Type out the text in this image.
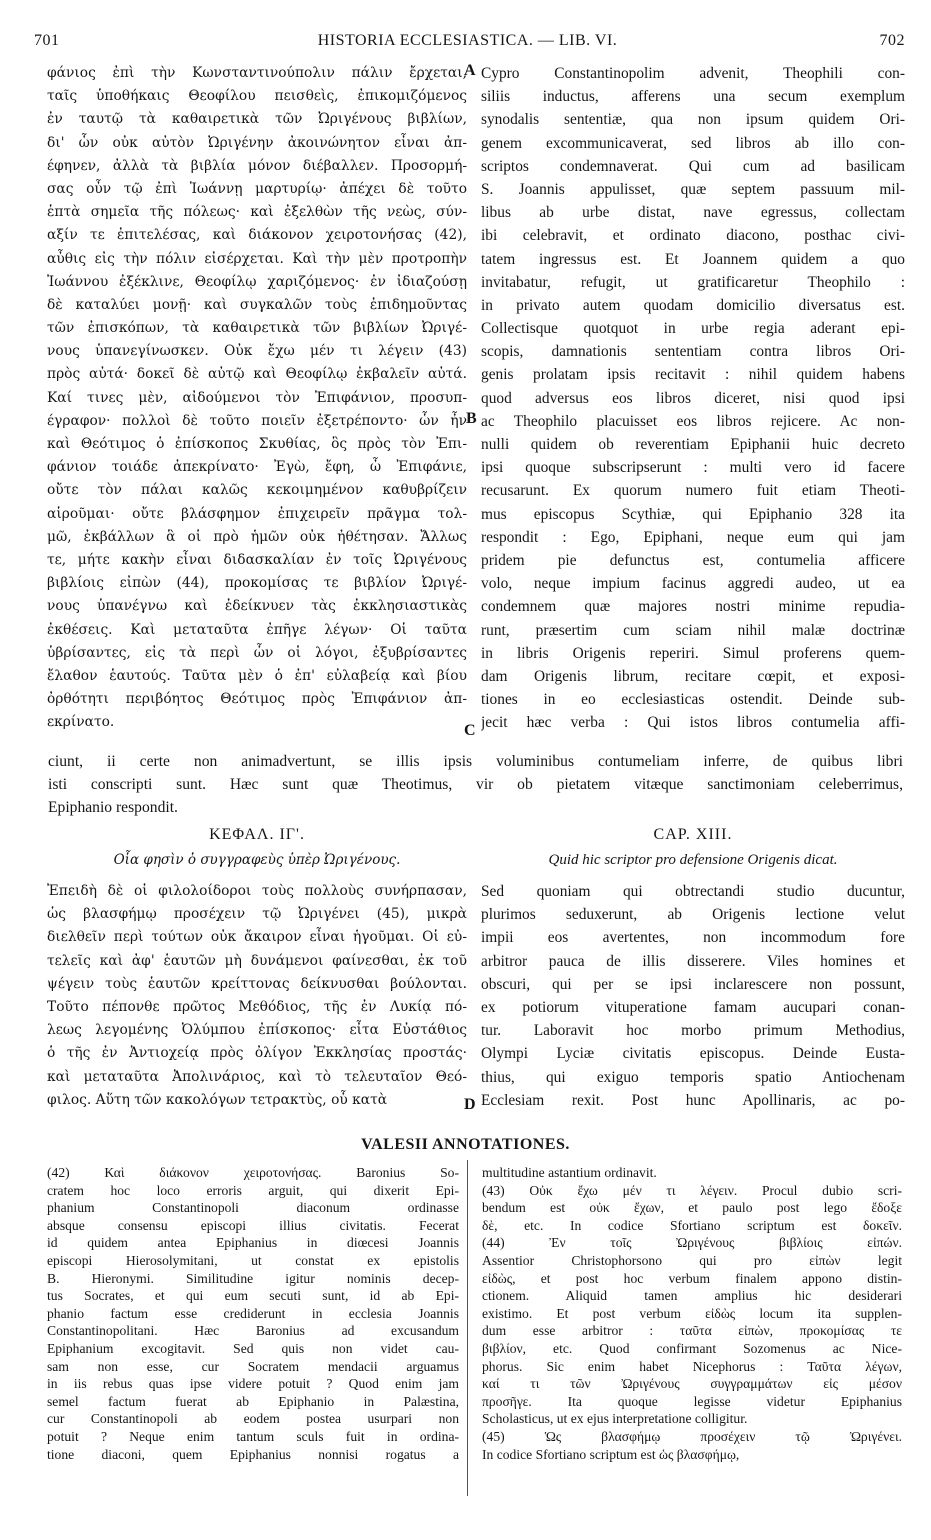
701	HISTORIA ECCLESIASTICA. — LIB. VI.	702
φάνιος ἐπὶ τὴν Κωνσταντινούπολιν πάλιν ἔρχεται,
ταῖς ὑποθήκαις Θεοφίλου πεισθεὶς, ἐπικομιζόμενος
ἐν ταυτῷ τὰ καθαιρετικὰ τῶν Ὠριγένους βιβλίων,
δι' ὧν οὐκ αὐτὸν Ὠριγένην ἀκοινώνητον εἶναι ἀπ-
έφηνεν, ἀλλὰ τὰ βιβλία μόνον διέβαλλεν. Προσορμή-
σας οὖν τῷ ἐπὶ Ἰωάννῃ μαρτυρίῳ· ἀπέχει δὲ τοῦτο
ἑπτὰ σημεῖα τῆς πόλεως· καὶ ἐξελθὼν τῆς νεὼς, σύν-
αξίν τε ἐπιτελέσας, καὶ διάκονον χειροτονήσας (42),
αὖθις εἰς τὴν πόλιν εἰσέρχεται. Καὶ τὴν μὲν προτροπὴν
Ἰωάννου ἐξέκλινε, Θεοφίλῳ χαριζόμενος· ἐν ἰδιαζούσῃ
δὲ καταλύει μονῇ· καὶ συγκαλῶν τοὺς ἐπιδημοῦντας
τῶν ἐπισκόπων, τὰ καθαιρετικὰ τῶν βιβλίων Ὠριγέ-
νους ὑπανεγίνωσκεν. Οὐκ ἔχω μέν τι λέγειν (43)
πρὸς αὐτά· δοκεῖ δὲ αὐτῷ καὶ Θεοφίλῳ ἐκβαλεῖν αὐτά.
Καί τινες μὲν, αἰδούμενοι τὸν Ἐπιφάνιον, προσυπ-
έγραφον· πολλοὶ δὲ τοῦτο ποιεῖν ἐξετρέποντο· ὧν ἦν
καὶ Θεότιμος ὁ ἐπίσκοπος Σκυθίας, ὃς πρὸς τὸν Ἐπι-
φάνιον τοιάδε ἀπεκρίνατο· Ἐγὼ, ἔφη, ὦ Ἐπιφάνιε,
οὔτε τὸν πάλαι καλῶς κεκοιμημένον καθυβρίζειν
αἱροῦμαι· οὔτε βλάσφημον ἐπιχειρεῖν πρᾶγμα τολ-
μῶ, ἐκβάλλων ἃ οἱ πρὸ ἡμῶν οὐκ ἠθέτησαν. Ἄλλως
τε, μήτε κακὴν εἶναι διδασκαλίαν ἐν τοῖς Ὠριγένους
βιβλίοις εἰπὼν (44), προκομίσας τε βιβλίον Ὠριγέ-
νους ὑπανέγνω καὶ ἐδείκνυεν τὰς ἐκκλησιαστικὰς
ἐκθέσεις. Καὶ μεταταῦτα ἐπῆγε λέγων· Οἱ ταῦτα
ὑβρίσαντες, εἰς τὰ περὶ ὧν οἱ λόγοι, ἐξυβρίσαντες
ἔλαθον ἑαυτούς. Ταῦτα μὲν ὁ ἐπ' εὐλαβείᾳ καὶ βίου
ὀρθότητι περιβόητος Θεότιμος πρὸς Ἐπιφάνιον ἀπ-
εκρίνατο.
Cypro Constantinopolim advenit, Theophili con-
siliis inductus, afferens una secum exemplum
synodalis sententiæ, qua non ipsum quidem Ori-
genem excommunicaverat, sed libros ab illo con-
scriptos condemnaverat. Qui cum ad basilicam
S. Joannis appulisset, quæ septem passuum mil-
libus ab urbe distat, nave egressus, collectam
ibi celebravit, et ordinato diacono, posthac civi-
tatem ingressus est. Et Joannem quidem a quo
invitabatur, refugit, ut gratificaretur Theophilo :
in privato autem quodam domicilio diversatus est.
Collectisque quotquot in urbe regia aderant epi-
scopis, damnationis sententiam contra libros Ori-
genis prolatam ipsis recitavit : nihil quidem habens
quod adversus eos libros diceret, nisi quod ipsi
ac Theophilo placuisset eos libros rejicere. Ac non-
nulli quidem ob reverentiam Epiphanii huic decreto
ipsi quoque subscripserunt : multi vero id facere
recusarunt. Ex quorum numero fuit etiam Theoti-
mus episcopus Scythiæ, qui Epiphanio 328 ita
respondit : Ego, Epiphani, neque eum qui jam
pridem pie defunctus est, contumelia afficere
volo, neque impium facinus aggredi audeo, ut ea
condemnem quæ majores nostri minime repudia-
runt, præsertim cum sciam nihil malæ doctrinæ
in libris Origenis reperiri. Simul proferens quem-
dam Origenis librum, recitare cœpit, et exposi-
tiones in eo ecclesiasticas ostendit. Deinde sub-
jecit hæc verba : Qui istos libros contumelia affi-
A
B
C
D
ciunt, ii certe non animadvertunt, se illis ipsis voluminibus contumeliam inferre, de quibus libri
isti conscripti sunt. Hæc sunt quæ Theotimus, vir ob pietatem vitæque sanctimoniam celeberrimus,
Epiphanio respondit.
ΚΕΦΑΛ. ΙΓ'.
Οἷα φησὶν ὁ συγγραφεὺς ὑπὲρ Ὠριγένους.
CAP. XIII.
Quid hic scriptor pro defensione Origenis dicat.
Ἐπειδὴ δὲ οἱ φιλολοίδοροι τοὺς πολλοὺς συνήρπασαν,
ὡς βλασφήμῳ προσέχειν τῷ Ὠριγένει (45), μικρὰ
διελθεῖν περὶ τούτων οὐκ ἄκαιρον εἶναι ἡγοῦμαι. Οἱ εὐ-
τελεῖς καὶ ἀφ' ἑαυτῶν μὴ δυνάμενοι φαίνεσθαι, ἐκ τοῦ
ψέγειν τοὺς ἑαυτῶν κρείττονας δείκνυσθαι βούλονται.
Τοῦτο πέπονθε πρῶτος Μεθόδιος, τῆς ἐν Λυκίᾳ πό-
λεως λεγομένης Ὀλύμπου ἐπίσκοπος· εἶτα Εὐστάθιος
ὁ τῆς ἐν Ἀντιοχείᾳ πρὸς ὀλίγον Ἐκκλησίας προστάς·
καὶ μεταταῦτα Ἀπολινάριος, καὶ τὸ τελευταῖον Θεό-
φιλος. Αὕτη τῶν κακολόγων τετρακτὺς, οὗ κατὰ
Sed quoniam qui obtrectandi studio ducuntur,
plurimos seduxerunt, ab Origenis lectione velut
impii eos avertentes, non incommodum fore
arbitror pauca de illis disserere. Viles homines et
obscuri, qui per se ipsi inclarescere non possunt,
ex potiorum vituperatione famam aucupari conan-
tur. Laboravit hoc morbo primum Methodius,
Olympi Lyciæ civitatis episcopus. Deinde Eusta-
thius, qui exiguo temporis spatio Antiochenam
Ecclesiam rexit. Post hunc Apollinaris, ac po-
VALESII ANNOTATIONES.
(42) Καὶ διάκονον χειροτονήσας. Baronius So-
cratem hoc loco erroris arguit, qui dixerit Epi-
phanium Constantinopoli diaconum ordinasse
absque consensu episcopi illius civitatis. Fecerat
id quidem antea Epiphanius in diœcesi Joannis
episcopi Hierosolymitani, ut constat ex epistolis
B. Hieronymi. Similitudine igitur nominis decep-
tus Socrates, et qui eum secuti sunt, id ab Epi-
phanio factum esse crediderunt in ecclesia Joannis
Constantinopolitani. Hæc Baronius ad excusandum
Epiphanium excogitavit. Sed quis non videt cau-
sam non esse, cur Socratem mendacii arguamus
in iis rebus quas ipse videre potuit ? Quod enim jam
semel factum fuerat ab Epiphanio in Palæstina,
cur Constantinopoli ab eodem postea usurpari non
potuit ? Neque enim tantum sculs fuit in ordina-
tione diaconi, quem Epiphanius nonnisi rogatus a
multitudine astantium ordinavit.
(43) Οὐκ ἔχω μέν τι λέγειν. Procul dubio scri-
bendum est οὐκ ἔχων, et paulo post lego ἔδοξε
δὲ, etc. In codice Sfortiano scriptum est δοκεῖν.
(44) Ἐν τοῖς Ὠριγένους βιβλίοις εἰπών.
Assentior Christophorsono qui pro εἰπὼν legit
εἰδὼς, et post hoc verbum finalem appono distin-
ctionem. Aliquid tamen amplius hic desiderari
existimo. Et post verbum εἰδὼς locum ita supplen-
dum esse arbitror : ταῦτα εἰπὼν, προκομίσας τε
βιβλίον, etc. Quod confirmant Sozomenus ac Nice-
phorus. Sic enim habet Nicephorus : Ταῦτα λέγων,
καί τι τῶν Ὠριγένους συγγραμμάτων εἰς μέσον
προσῆγε. Ita quoque legisse videtur Epiphanius
Scholasticus, ut ex ejus interpretatione colligitur.
(45) Ὡς βλασφήμῳ προσέχειν τῷ Ὠριγένει.
In codice Sfortiano scriptum est ὡς βλασφήμῳ,
